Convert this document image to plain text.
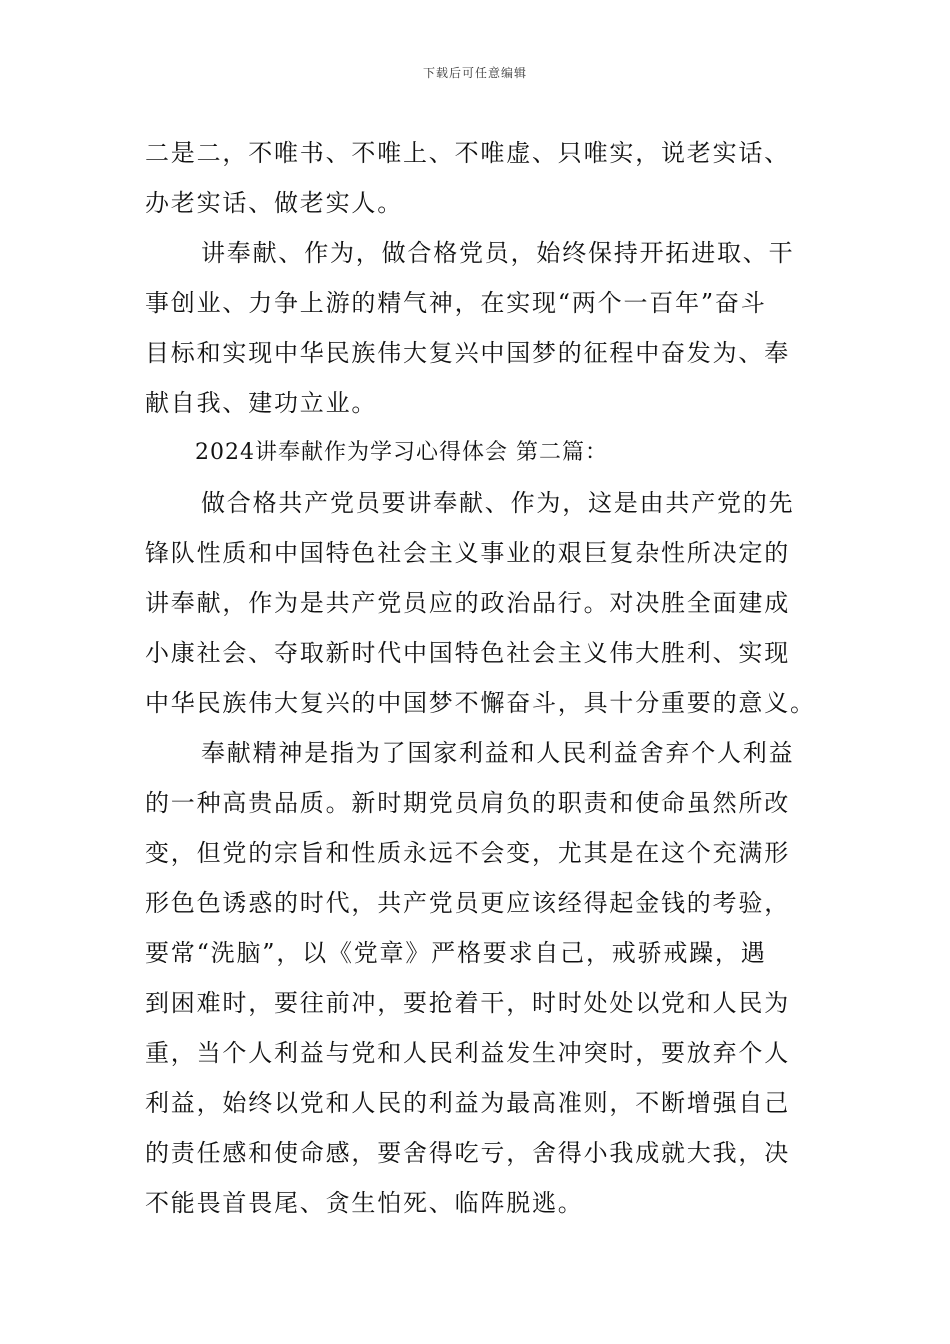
下载后可任意编辑
二是二，不唯书、不唯上、不唯虚、只唯实，说老实话、
办老实话、做老实人。
讲奉献、作为，做合格党员，始终保持开拓进取、干
事创业、力争上游的精气神，在实现“两个一百年”奋斗
目标和实现中华民族伟大复兴中国梦的征程中奋发为、奉
献自我、建功立业。
2024讲奉献作为学习心得体会 第二篇：
做合格共产党员要讲奉献、作为，这是由共产党的先
锋队性质和中国特色社会主义事业的艰巨复杂性所决定的
讲奉献，作为是共产党员应的政治品行。对决胜全面建成
小康社会、夺取新时代中国特色社会主义伟大胜利、实现
中华民族伟大复兴的中国梦不懈奋斗，具十分重要的意义。
奉献精神是指为了国家利益和人民利益舍弃个人利益
的一种高贵品质。新时期党员肩负的职责和使命虽然所改
变，但党的宗旨和性质永远不会变，尤其是在这个充满形
形色色诱惑的时代，共产党员更应该经得起金钱的考验，
要常“洗脑”，以《党章》严格要求自己，戒骄戒躁，遇
到困难时，要往前冲，要抢着干，时时处处以党和人民为
重，当个人利益与党和人民利益发生冲突时，要放弃个人
利益，始终以党和人民的利益为最高准则，不断增强自己
的责任感和使命感，要舍得吃亏，舍得小我成就大我，决
不能畏首畏尾、贪生怕死、临阵脱逃。
